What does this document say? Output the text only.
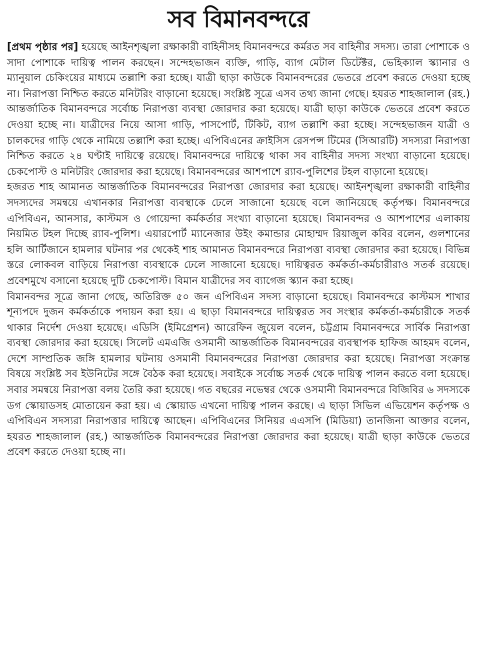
সব বিমানবন্দরে

[প্রথম পৃষ্ঠার পর] হয়েছে আইনশৃঙ্খলা রক্ষাকারী বাহিনীসহ বিমানবন্দরে কর্মরত সব বাহিনীর সদস্য। তারা পোশাকে ও সাদা পোশাকে দায়িত্ব পালন করছেন। সন্দেহভাজন ব্যক্তি, গাড়ি, ব্যাগ মেটাল ডিটেক্টর, ভেহিক্যাল স্ক্যানার ও ম্যানুয়াল চেকিংয়ের মাধ্যমে তল্লাশি করা হচ্ছে। যাত্রী ছাড়া কাউকে বিমানবন্দরের ভেতরে প্রবেশ করতে দেওয়া হচ্ছে না। নিরাপত্তা নিশ্চিত করতে মনিটরিং বাড়ানো হয়েছে। সংশ্লিষ্ট সূত্রে এসব তথ্য জানা গেছে। হযরত শাহজালাল (রহ.) আন্তর্জাতিক বিমানবন্দরে সর্বোচ্চ নিরাপত্তা ব্যবস্থা জোরদার করা হয়েছে। যাত্রী ছাড়া কাউকে ভেতরে প্রবেশ করতে দেওয়া হচ্ছে না। যাত্রীদের নিয়ে আসা গাড়ি, পাসপোর্ট, টিকিট, ব্যাগ তল্লাশি করা হচ্ছে। সন্দেহভাজন যাত্রী ও চালকদের গাড়ি থেকে নামিয়ে তল্লাশি করা হচ্ছে। এপিবিএনের ক্রাইসিস রেসপন্স টিমের (সিআরটি) সদস্যরা নিরাপত্তা নিশ্চিত করতে ২৪ ঘণ্টাই দায়িত্বে রয়েছে। বিমানবন্দরে দায়িত্বে থাকা সব বাহিনীর সদস্য সংখ্যা বাড়ানো হয়েছে। চেকপোস্ট ও মনিটরিং জোরদার করা হয়েছে। বিমানবন্দরের আশপাশে র‌্যাব-পুলিশের টহল বাড়ানো হয়েছে।

হজরত শাহ আমানত আন্তর্জাতিক বিমানবন্দরের নিরাপত্তা জোরদার করা হয়েছে। আইনশৃঙ্খলা রক্ষাকারী বাহিনীর সদস্যদের সমন্বয়ে এখানকার নিরাপত্তা ব্যবস্থাকে ঢেলে সাজানো হয়েছে বলে জানিয়েছে কর্তৃপক্ষ। বিমানবন্দরে এপিবিএন, আনসার, কাস্টমস ও গোয়েন্দা কর্মকর্তার সংখ্যা বাড়ানো হয়েছে। বিমানবন্দর ও আশপাশের এলাকায় নিয়মিত টহল দিচ্ছে র‌্যাব-পুলিশ। এয়ারপোর্ট ম্যানেজার উইং কমান্ডার মোহাম্মদ রিয়াজুল কবির বলেন, গুলশানের হলি আর্টিজানে হামলার ঘটনার পর থেকেই শাহ আমানত বিমানবন্দরে নিরাপত্তা ব্যবস্থা জোরদার করা হয়েছে। বিভিন্ন স্তরে লোকবল বাড়িয়ে নিরাপত্তা ব্যবস্থাকে ঢেলে সাজানো হয়েছে। দায়িত্বরত কর্মকর্তা-কর্মচারীরাও সতর্ক রয়েছে। প্রবেশমুখে বসানো হয়েছে দুটি চেকপোস্ট। বিমান যাত্রীদের সব ব্যাগেজ স্ক্যান করা হচ্ছে।

বিমানবন্দর সূত্রে জানা গেছে, অতিরিক্ত ৫০ জন এপিবিএন সদস্য বাড়ানো হয়েছে। বিমানবন্দরে কাস্টমস শাখার শূন্যপদে দুজন কর্মকর্তাকে পদায়ন করা হয়। এ ছাড়া বিমানবন্দরে দায়িত্বরত সব সংস্থার কর্মকর্তা-কর্মচারীকে সতর্ক থাকার নির্দেশ দেওয়া হয়েছে। এডিসি (ইমিগ্রেশন) আরেফিন জুয়েল বলেন, চট্টগ্রাম বিমানবন্দরে সার্বিক নিরাপত্তা ব্যবস্থা জোরদার করা হয়েছে। সিলেট এমএজি ওসমানী আন্তর্জাতিক বিমানবন্দরের ব্যবস্থাপক হাফিজ আহমদ বলেন, দেশে সাম্প্রতিক জঙ্গি হামলার ঘটনায় ওসমানী বিমানবন্দরের নিরাপত্তা জোরদার করা হয়েছে। নিরাপত্তা সংক্রান্ত বিষয়ে সংশ্লিষ্ট সব ইউনিটের সঙ্গে বৈঠক করা হয়েছে। সবাইকে সর্বোচ্চ সতর্ক থেকে দায়িত্ব পালন করতে বলা হয়েছে। সবার সমন্বয়ে নিরাপত্তা বলয় তৈরি করা হয়েছে। গত বছরের নভেম্বর থেকে ওসমানী বিমানবন্দরে বিজিবির ৬ সদস্যকে ডগ স্কোয়াডসহ মোতায়েন করা হয়। এ স্কোয়াড এখনো দায়িত্ব পালন করছে। এ ছাড়া সিভিল এভিয়েশন কর্তৃপক্ষ ও এপিবিএন সদস্যরা নিরাপত্তার দায়িত্বে আছেন। এপিবিএনের সিনিয়র এএসপি (মিডিয়া) তানজিনা আক্তার বলেন, হযরত শাহজালাল (রহ.) আন্তর্জাতিক বিমানবন্দরের নিরাপত্তা জোরদার করা হয়েছে। যাত্রী ছাড়া কাউকে ভেতরে প্রবেশ করতে দেওয়া হচ্ছে না।
